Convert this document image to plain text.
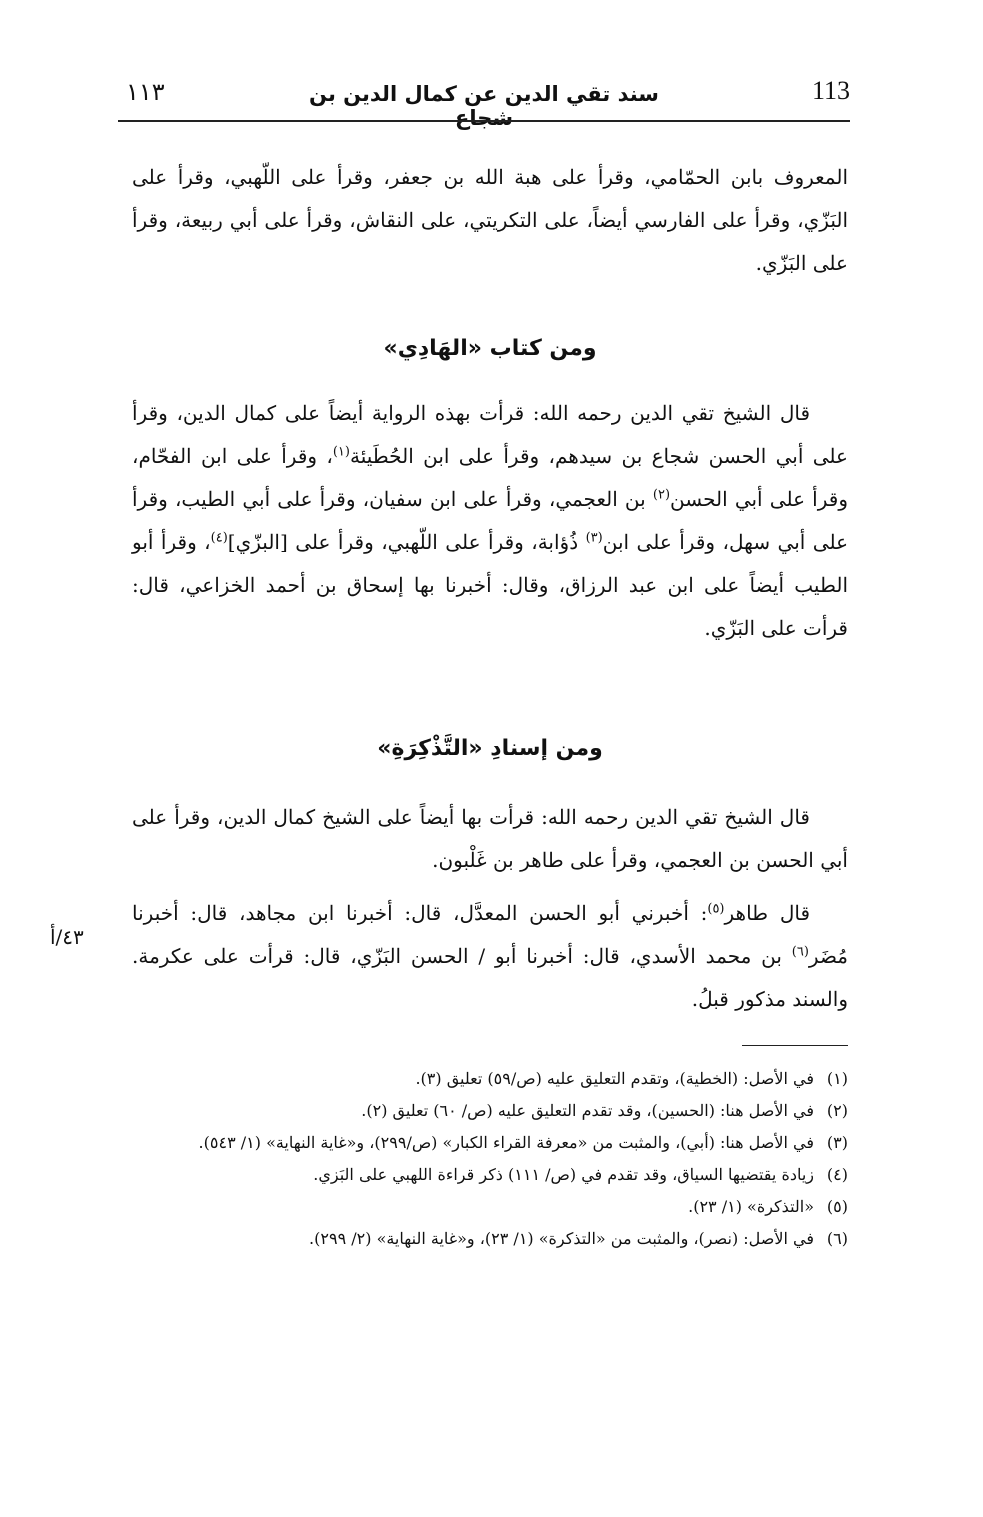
113
سند تقي الدين عن كمال الدين بن شجاع
١١٣

المعروف بابن الحمّامي، وقرأ على هبة الله بن جعفر، وقرأ على اللّهبي، وقرأ على البَزّي، وقرأ على الفارسي أيضاً، على التكريتي، على النقاش، وقرأ على أبي ربيعة، وقرأ على البَزّي.

ومن كتاب «الهَادِي»

قال الشيخ تقي الدين رحمه الله: قرأت بهذه الرواية أيضاً على كمال الدين، وقرأ على أبي الحسن شجاع بن سيدهم، وقرأ على ابن الحُطَيئة$^{(١)}$، وقرأ على ابن الفحّام، وقرأ على أبي الحسن$^{(٢)}$ بن العجمي، وقرأ على ابن سفيان، وقرأ على أبي الطيب، وقرأ على أبي سهل، وقرأ على ابن$^{(٣)}$ ذُؤابة، وقرأ على اللّهبي، وقرأ على [البزّي]$^{(٤)}$، وقرأ أبو الطيب أيضاً على ابن عبد الرزاق، وقال: أخبرنا بها إسحاق بن أحمد الخزاعي، قال: قرأت على البَزّي.

ومن إسنادِ «التَّذْكِرَةِ»

قال الشيخ تقي الدين رحمه الله: قرأت بها أيضاً على الشيخ كمال الدين، وقرأ على أبي الحسن بن العجمي، وقرأ على طاهر بن غَلْبون.

قال طاهر$^{(٥)}$: أخبرني أبو الحسن المعدَّل، قال: أخبرنا ابن مجاهد، قال: أخبرنا مُضَر$^{(٦)}$ بن محمد الأسدي، قال: أخبرنا أبو / الحسن البَزّي، قال: قرأت على عكرمة. والسند مذكور قبلُ.

٤٣/أ
(١)
في الأصل: (الخطية)، وتقدم التعليق عليه (ص/٥٩) تعليق (٣).
(٢)
في الأصل هنا: (الحسين)، وقد تقدم التعليق عليه (ص/ ٦٠) تعليق (٢).
(٣)
في الأصل هنا: (أبي)، والمثبت من «معرفة القراء الكبار» (ص/٢٩٩)، و«غاية النهاية» (١/ ٥٤٣).
(٤)
زيادة يقتضيها السياق، وقد تقدم في (ص/ ١١١) ذكر قراءة اللهبي على البَزي.
(٥)
«التذكرة» (١/ ٢٣).
(٦)
في الأصل: (نصر)، والمثبت من «التذكرة» (١/ ٢٣)، و«غاية النهاية» (٢/ ٢٩٩).
